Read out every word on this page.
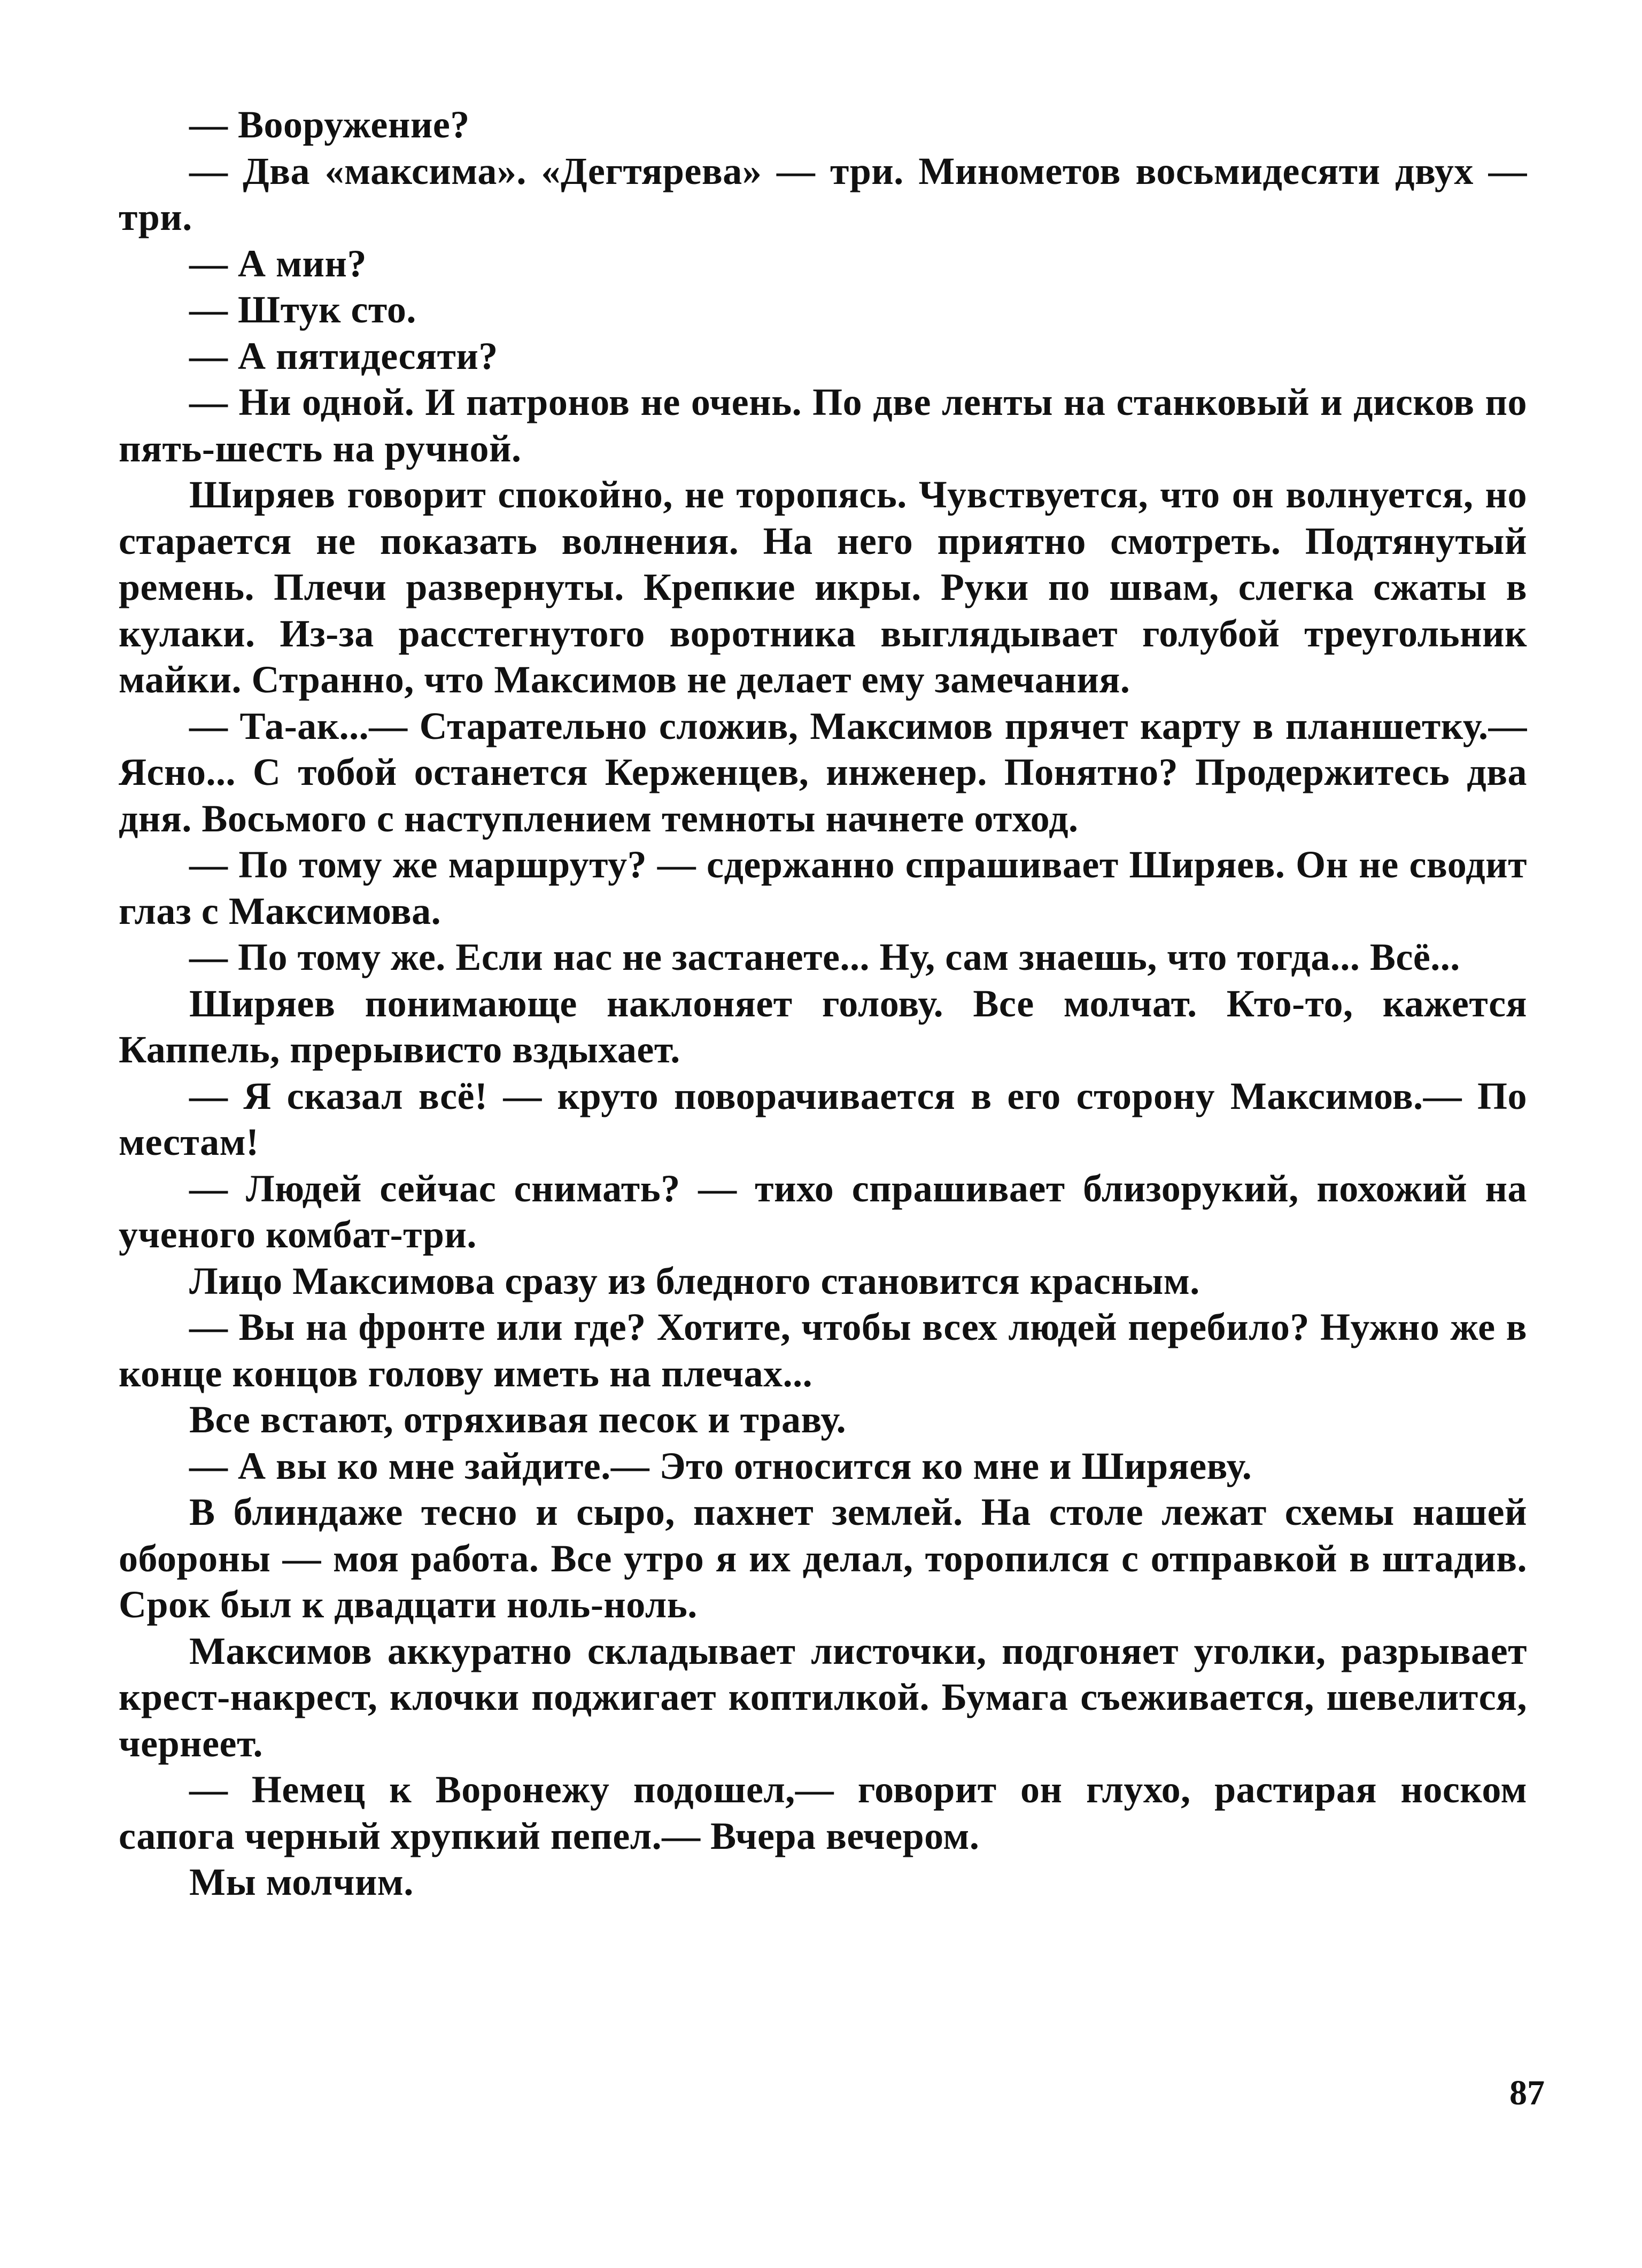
— Вооружение?

— Два «максима». «Дегтярева» — три. Минометов восьмидесяти двух — три.

— А мин?

— Штук сто.

— А пятидесяти?

— Ни одной. И патронов не очень. По две ленты на станковый и дисков по пять-шесть на ручной.

Ширяев говорит спокойно, не торопясь. Чувствуется, что он волнуется, но старается не показать волнения. На него приятно смотреть. Подтянутый ремень. Плечи развернуты. Крепкие икры. Руки по швам, слегка сжаты в кулаки. Из-за расстегнутого воротника выглядывает голубой треугольник майки. Странно, что Максимов не делает ему замечания.

— Та-ак...— Старательно сложив, Максимов прячет карту в планшетку.— Ясно... С тобой останется Керженцев, инженер. Понятно? Продержитесь два дня. Восьмого с наступлением темноты начнете отход.

— По тому же маршруту? — сдержанно спрашивает Ширяев. Он не сводит глаз с Максимова.

— По тому же. Если нас не застанете... Ну, сам знаешь, что тогда... Всё...

Ширяев понимающе наклоняет голову. Все молчат. Кто-то, кажется Каппель, прерывисто вздыхает.

— Я сказал всё! — круто поворачивается в его сторону Максимов.— По местам!

— Людей сейчас снимать? — тихо спрашивает близорукий, похожий на ученого комбат-три.

Лицо Максимова сразу из бледного становится красным.

— Вы на фронте или где? Хотите, чтобы всех людей перебило? Нужно же в конце концов голову иметь на плечах...

Все встают, отряхивая песок и траву.

— А вы ко мне зайдите.— Это относится ко мне и Ширяеву.

В блиндаже тесно и сыро, пахнет землей. На столе лежат схемы нашей обороны — моя работа. Все утро я их делал, торопился с отправкой в штадив. Срок был к двадцати ноль-ноль.

Максимов аккуратно складывает листочки, подгоняет уголки, разрывает крест-накрест, клочки поджигает коптилкой. Бумага съеживается, шевелится, чернеет.

— Немец к Воронежу подошел,— говорит он глухо, растирая носком сапога черный хрупкий пепел.— Вчера вечером.

Мы молчим.

87
